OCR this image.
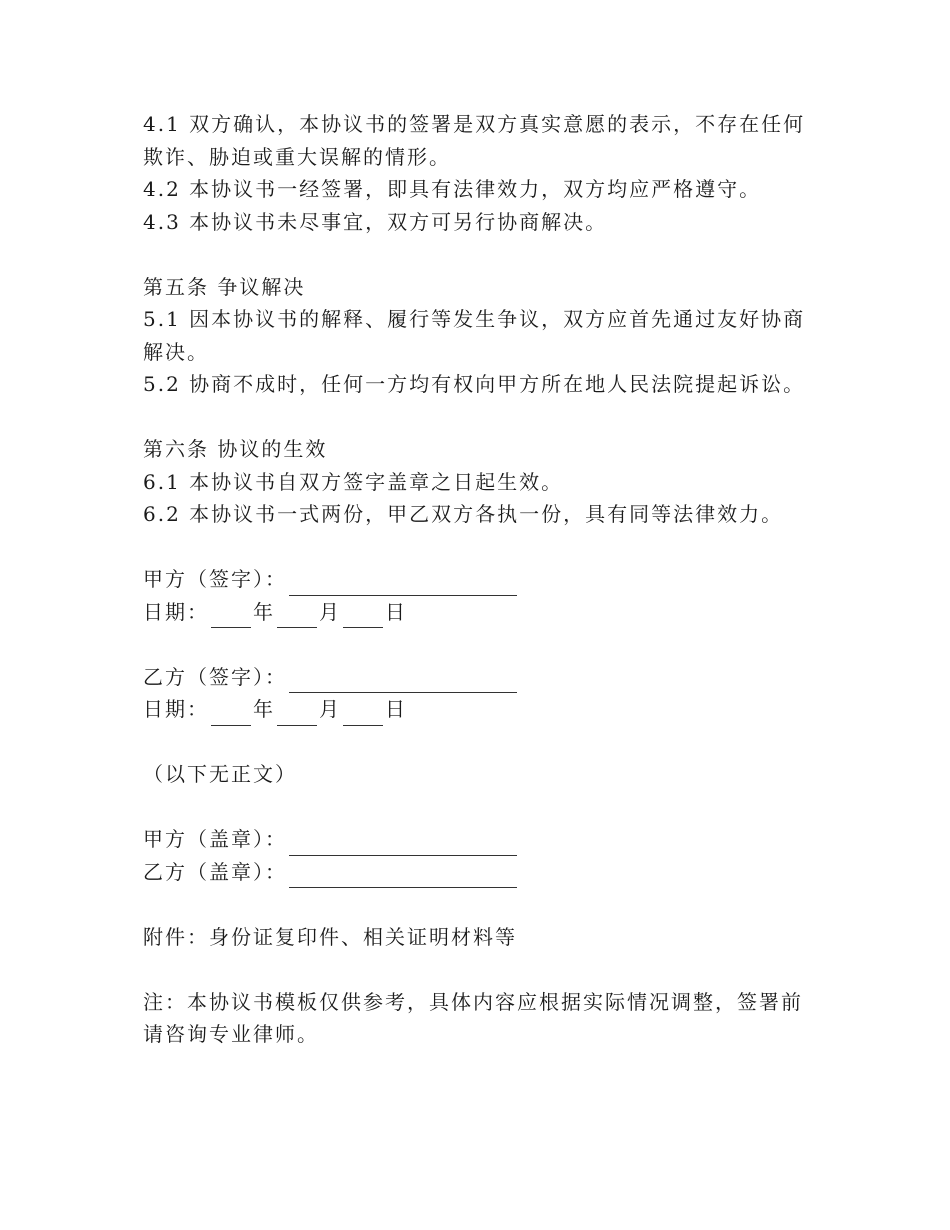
4.1 双方确认，本协议书的签署是双方真实意愿的表示，不存在任何

欺诈、胁迫或重大误解的情形。

4.2 本协议书一经签署，即具有法律效力，双方均应严格遵守。

4.3 本协议书未尽事宜，双方可另行协商解决。

第五条 争议解决

5.1 因本协议书的解释、履行等发生争议，双方应首先通过友好协商

解决。

5.2 协商不成时，任何一方均有权向甲方所在地人民法院提起诉讼。

第六条 协议的生效

6.1 本协议书自双方签字盖章之日起生效。

6.2 本协议书一式两份，甲乙双方各执一份，具有同等法律效力。

甲方（签字）：
日期： 年 月 日
乙方（签字）：
日期： 年 月 日

（以下无正文）

甲方（盖章）：
乙方（盖章）：

附件：身份证复印件、相关证明材料等

注：本协议书模板仅供参考，具体内容应根据实际情况调整，签署前

请咨询专业律师。
